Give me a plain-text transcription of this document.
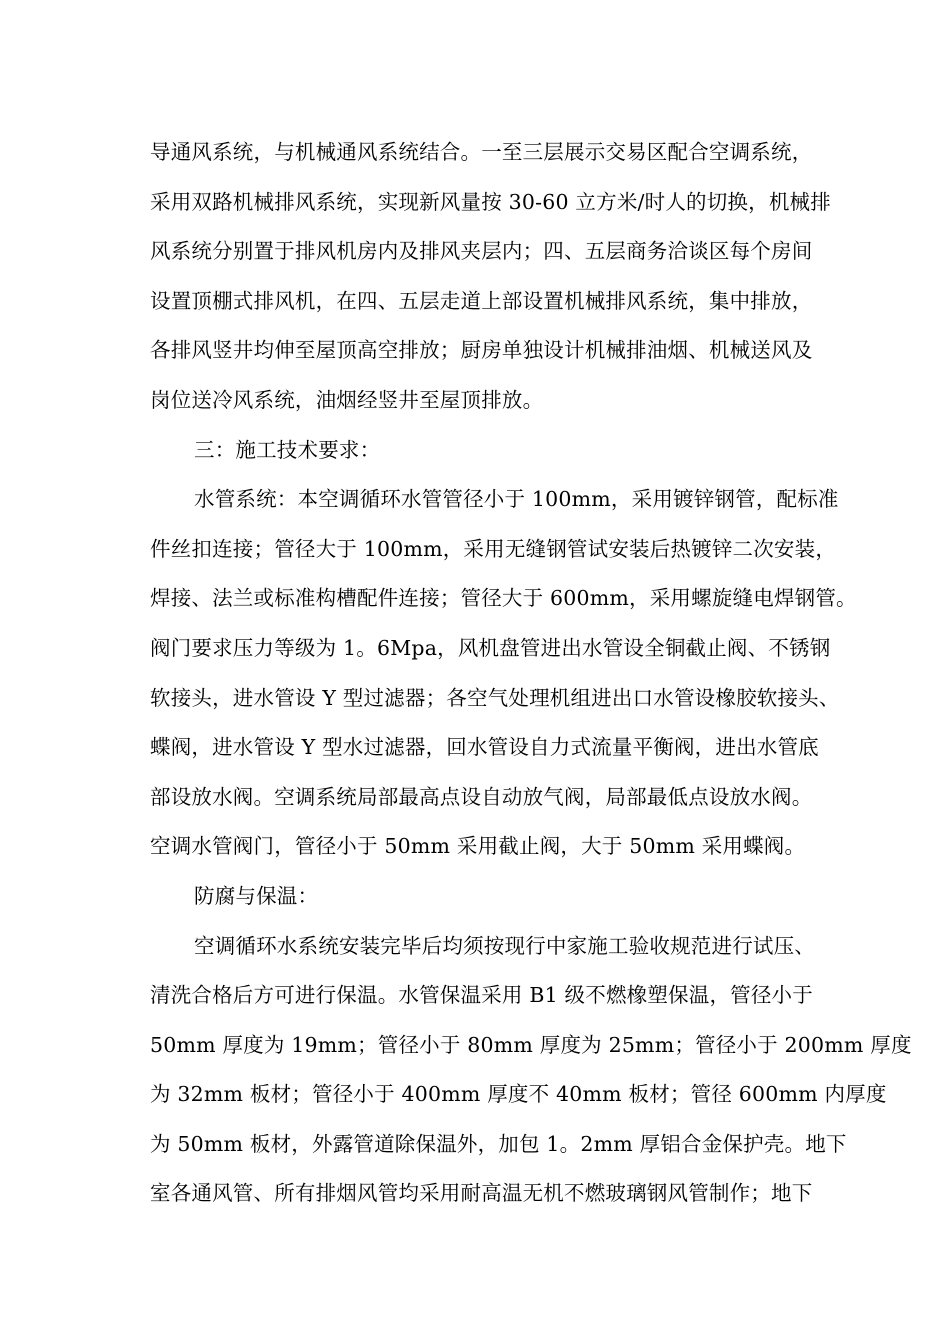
导通风系统，与机械通风系统结合。一至三层展示交易区配合空调系统，
采用双路机械排风系统，实现新风量按 30-60 立方米/时人的切换，机械排
风系统分别置于排风机房内及排风夹层内；四、五层商务洽谈区每个房间
设置顶棚式排风机，在四、五层走道上部设置机械排风系统，集中排放，
各排风竖井均伸至屋顶高空排放；厨房单独设计机械排油烟、机械送风及
岗位送冷风系统，油烟经竖井至屋顶排放。
三：施工技术要求：
水管系统：本空调循环水管管径小于 100mm，采用镀锌钢管，配标准
件丝扣连接；管径大于 100mm，采用无缝钢管试安装后热镀锌二次安装，
焊接、法兰或标准构槽配件连接；管径大于 600mm，采用螺旋缝电焊钢管。
阀门要求压力等级为 1。6Mpa，风机盘管进出水管设全铜截止阀、不锈钢
软接头，进水管设 Y 型过滤器；各空气处理机组进出口水管设橡胶软接头、
蝶阀，进水管设 Y 型水过滤器，回水管设自力式流量平衡阀，进出水管底
部设放水阀。空调系统局部最高点设自动放气阀，局部最低点设放水阀。
空调水管阀门，管径小于 50mm 采用截止阀，大于 50mm 采用蝶阀。
防腐与保温：
空调循环水系统安装完毕后均须按现行中家施工验收规范进行试压、
清洗合格后方可进行保温。水管保温采用 B1 级不燃橡塑保温，管径小于
50mm 厚度为 19mm；管径小于 80mm 厚度为 25mm；管径小于 200mm 厚度
为 32mm 板材；管径小于 400mm 厚度不 40mm 板材；管径 600mm 内厚度
为 50mm 板材，外露管道除保温外，加包 1。2mm 厚铝合金保护壳。地下
室各通风管、所有排烟风管均采用耐高温无机不燃玻璃钢风管制作；地下
